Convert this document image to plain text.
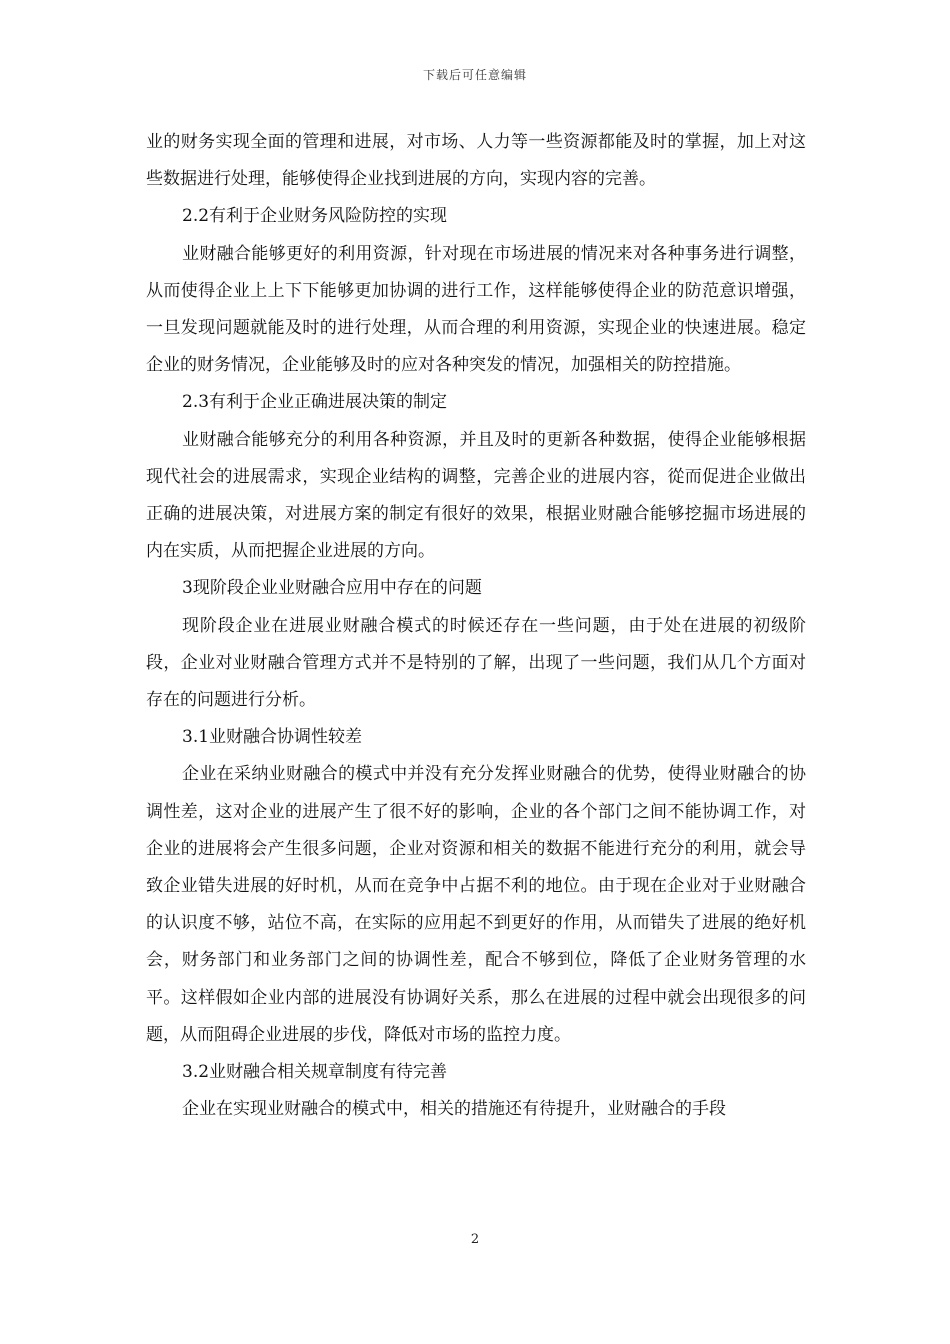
下载后可任意编辑

业的财务实现全面的管理和进展，对市场、人力等一些资源都能及时的掌握，加上对这些数据进行处理，能够使得企业找到进展的方向，实现内容的完善。

2.2有利于企业财务风险防控的实现

业财融合能够更好的利用资源，针对现在市场进展的情况来对各种事务进行调整，从而使得企业上上下下能够更加协调的进行工作，这样能够使得企业的防范意识增强，一旦发现问题就能及时的进行处理，从而合理的利用资源，实现企业的快速进展。稳定企业的财务情况，企业能够及时的应对各种突发的情况，加强相关的防控措施。

2.3有利于企业正确进展决策的制定

业财融合能够充分的利用各种资源，并且及时的更新各种数据，使得企业能够根据现代社会的进展需求，实现企业结构的调整，完善企业的进展内容，從而促进企业做出正确的进展决策，对进展方案的制定有很好的效果，根据业财融合能够挖掘市场进展的内在实质，从而把握企业进展的方向。

3现阶段企业业财融合应用中存在的问题

现阶段企业在进展业财融合模式的时候还存在一些问题，由于处在进展的初级阶段，企业对业财融合管理方式并不是特别的了解，出现了一些问题，我们从几个方面对存在的问题进行分析。

3.1业财融合协调性较差

企业在采纳业财融合的模式中并没有充分发挥业财融合的优势，使得业财融合的协调性差，这对企业的进展产生了很不好的影响，企业的各个部门之间不能协调工作，对企业的进展将会产生很多问题，企业对资源和相关的数据不能进行充分的利用，就会导致企业错失进展的好时机，从而在竞争中占据不利的地位。由于现在企业对于业财融合的认识度不够，站位不高，在实际的应用起不到更好的作用，从而错失了进展的绝好机会，财务部门和业务部门之间的协调性差，配合不够到位，降低了企业财务管理的水平。这样假如企业内部的进展没有协调好关系，那么在进展的过程中就会出现很多的问题，从而阻碍企业进展的步伐，降低对市场的监控力度。

3.2业财融合相关规章制度有待完善

企业在实现业财融合的模式中，相关的措施还有待提升，业财融合的手段

2
